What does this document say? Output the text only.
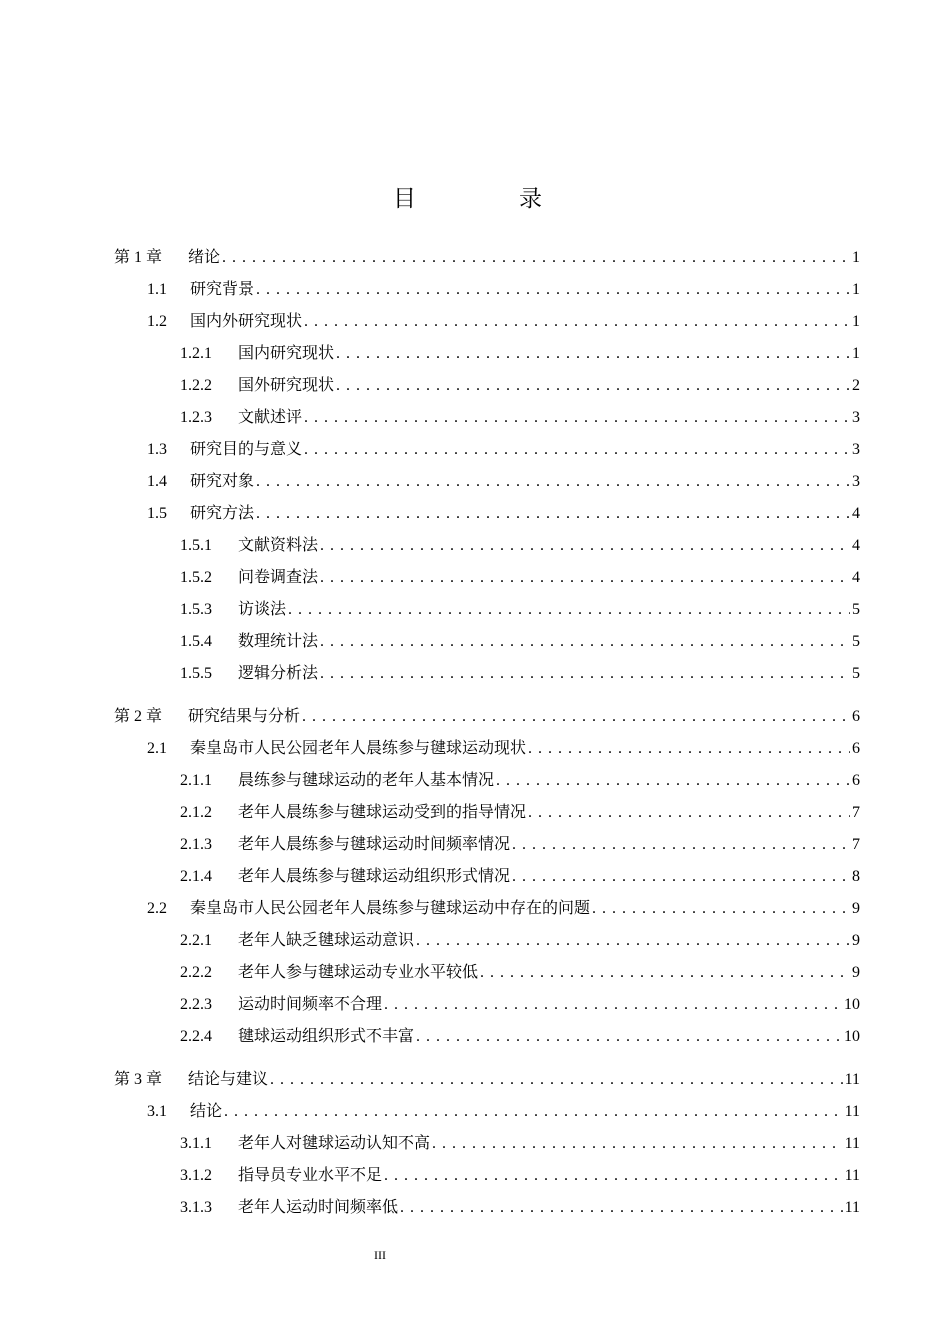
目　录
第 1 章	绪论 . . .	1
1.1	研究背景 . . .	1
1.2	国内外研究现状 . . .	1
1.2.1	国内研究现状 . . .	1
1.2.2	国外研究现状 . . .	2
1.2.3	文献述评 . . .	3
1.3	研究目的与意义 . . .	3
1.4	研究对象 . . .	3
1.5	研究方法 . . .	4
1.5.1	文献资料法 . . .	4
1.5.2	问卷调查法 . . .	4
1.5.3	访谈法 . . .	5
1.5.4	数理统计法 . . .	5
1.5.5	逻辑分析法 . . .	5
第 2 章	研究结果与分析 . . .	6
2.1	秦皇岛市人民公园老年人晨练参与毽球运动现状 . . .	6
2.1.1	晨练参与毽球运动的老年人基本情况 . . .	6
2.1.2	老年人晨练参与毽球运动受到的指导情况 . . .	7
2.1.3	老年人晨练参与毽球运动时间频率情况 . . .	7
2.1.4	老年人晨练参与毽球运动组织形式情况 . . .	8
2.2	秦皇岛市人民公园老年人晨练参与毽球运动中存在的问题 . . .	9
2.2.1	老年人缺乏毽球运动意识 . . .	9
2.2.2	老年人参与毽球运动专业水平较低 . . .	9
2.2.3	运动时间频率不合理 . . .	10
2.2.4	毽球运动组织形式不丰富 . . .	10
第 3 章	结论与建议 . . .	11
3.1	结论 . . .	11
3.1.1	老年人对毽球运动认知不高 . . .	11
3.1.2	指导员专业水平不足 . . .	11
3.1.3	老年人运动时间频率低 . . .	11
III
